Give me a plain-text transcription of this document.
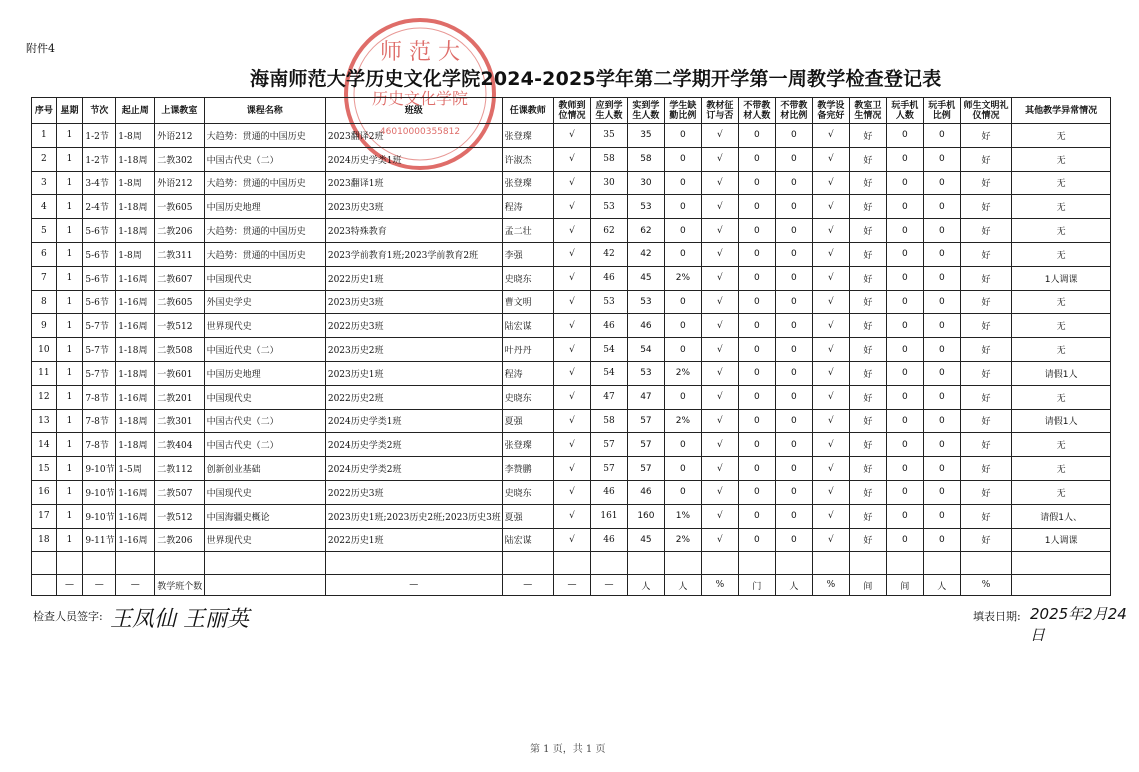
附件4	师 范 大
历史文化学院
46010000355812
海南师范大学历史文化学院2024-2025学年第二学期开学第一周教学检查登记表
序号	星期	节次	起止周	上课教室	课程名称	班级	任课教师	教师到位情况	应到学生人数	实到学生人数	学生缺勤比例	教材征订与否	不带教材人数	不带教材比例	教学设备完好	教室卫生情况	玩手机人数	玩手机比例	师生文明礼仪情况	其他教学异常情况
1	1	1-2节	1-8周	外语212	大趋势：贯通的中国历史	2023翻译2班	张登璨	√	35	35	0	√	0	0	√	好	0	0	好	无
2	1	1-2节	1-18周	二教302	中国古代史（二）	2024历史学类1班	许淑杰	√	58	58	0	√	0	0	√	好	0	0	好	无
3	1	3-4节	1-8周	外语212	大趋势：贯通的中国历史	2023翻译1班	张登璨	√	30	30	0	√	0	0	√	好	0	0	好	无
4	1	2-4节	1-18周	一教605	中国历史地理	2023历史3班	程涛	√	53	53	0	√	0	0	√	好	0	0	好	无
5	1	5-6节	1-18周	二教206	大趋势：贯通的中国历史	2023特殊教育	孟二壮	√	62	62	0	√	0	0	√	好	0	0	好	无
6	1	5-6节	1-8周	二教311	大趋势：贯通的中国历史	2023学前教育1班;2023学前教育2班	李强	√	42	42	0	√	0	0	√	好	0	0	好	无
7	1	5-6节	1-16周	二教607	中国现代史	2022历史1班	史晓东	√	46	45	2%	√	0	0	√	好	0	0	好	1人调课
8	1	5-6节	1-16周	二教605	外国史学史	2023历史3班	曹文明	√	53	53	0	√	0	0	√	好	0	0	好	无
9	1	5-7节	1-16周	一教512	世界现代史	2022历史3班	陆宏谋	√	46	46	0	√	0	0	√	好	0	0	好	无
10	1	5-7节	1-18周	二教508	中国近代史（二）	2023历史2班	叶丹丹	√	54	54	0	√	0	0	√	好	0	0	好	无
11	1	5-7节	1-18周	一教601	中国历史地理	2023历史1班	程涛	√	54	53	2%	√	0	0	√	好	0	0	好	请假1人
12	1	7-8节	1-16周	二教201	中国现代史	2022历史2班	史晓东	√	47	47	0	√	0	0	√	好	0	0	好	无
13	1	7-8节	1-18周	二教301	中国古代史（二）	2024历史学类1班	夏强	√	58	57	2%	√	0	0	√	好	0	0	好	请假1人
14	1	7-8节	1-18周	二教404	中国古代史（二）	2024历史学类2班	张登璨	√	57	57	0	√	0	0	√	好	0	0	好	无
15	1	9-10节	1-5周	二教112	创新创业基础	2024历史学类2班	李赞鹏	√	57	57	0	√	0	0	√	好	0	0	好	无
16	1	9-10节	1-16周	二教507	中国现代史	2022历史3班	史晓东	√	46	46	0	√	0	0	√	好	0	0	好	无
17	1	9-10节	1-16周	一教512	中国海疆史概论	2023历史1班;2023历史2班;2023历史3班	夏强	√	161	160	1%	√	0	0	√	好	0	0	好	请假1人、
18	1	9-11节	1-16周	二教206	世界现代史	2022历史1班	陆宏谋	√	46	45	2%	√	0	0	√	好	0	0	好	1人调课

	—	—	—	教学班个数		—	—	—	—	人	人	%	门	人	%	间	间	人	%	
检查人员签字: 王凤仙 王丽英	填表日期: 2025年2月24日
第 1 页，共 1 页
